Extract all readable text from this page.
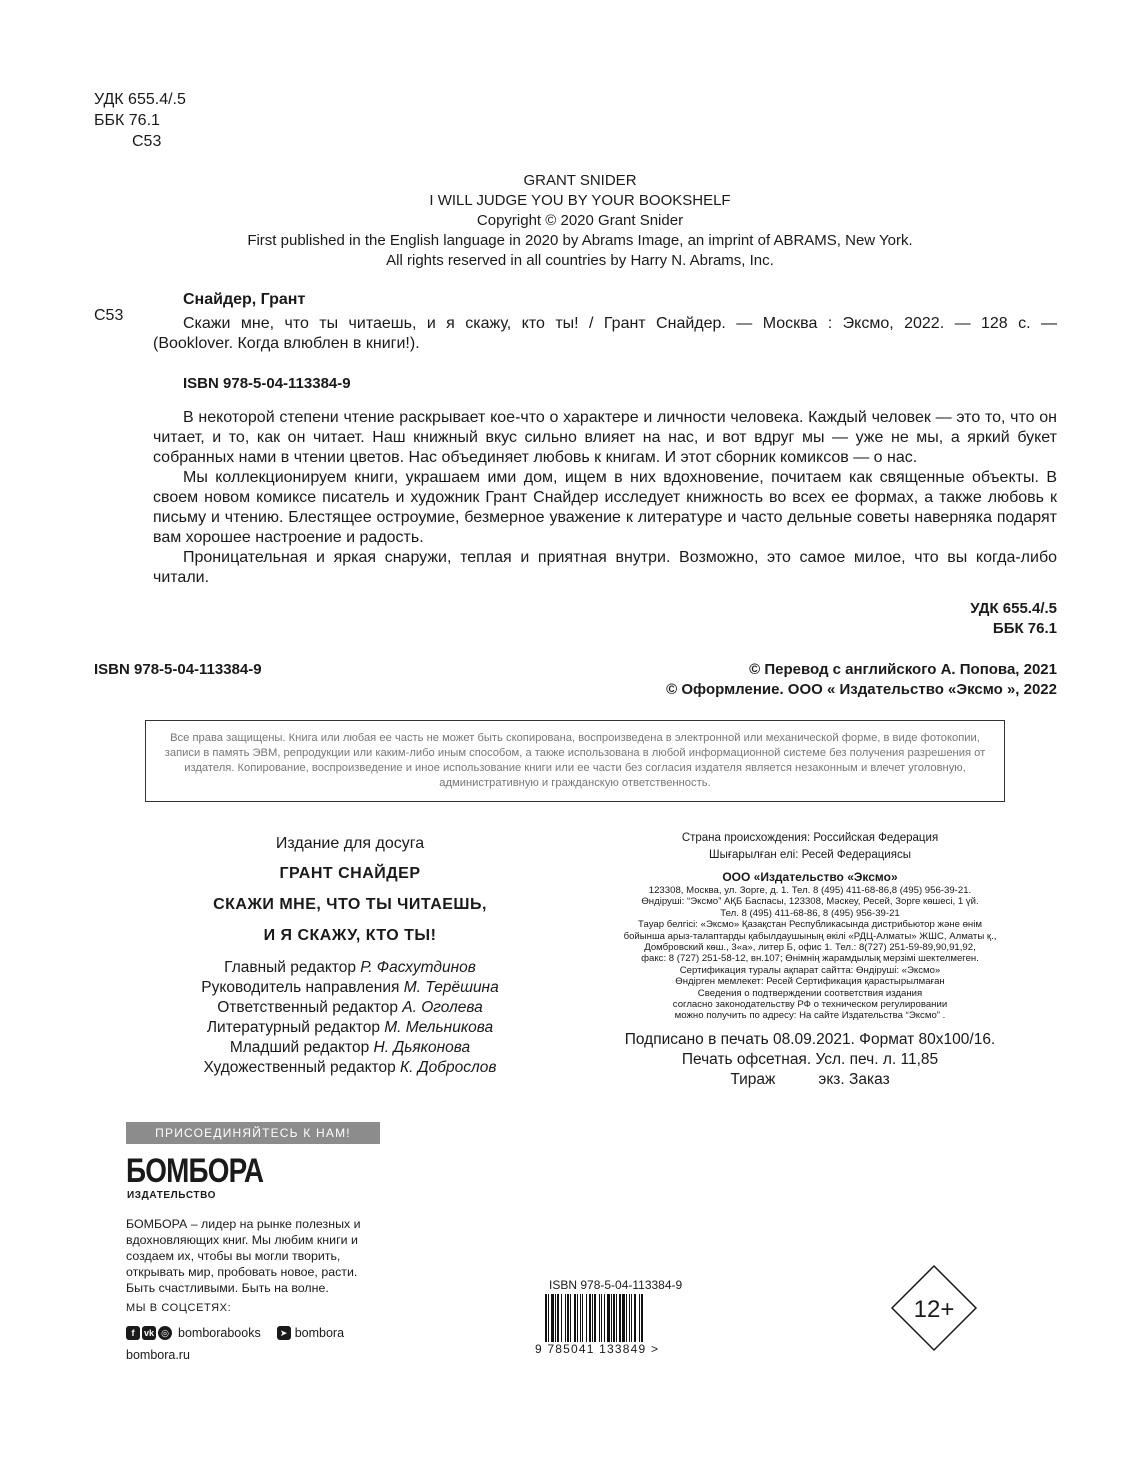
УДК 655.4/.5
ББК 76.1
С53
GRANT SNIDER
I WILL JUDGE YOU BY YOUR BOOKSHELF
Copyright © 2020 Grant Snider
First published in the English language in 2020 by Abrams Image, an imprint of ABRAMS, New York.
All rights reserved in all countries by Harry N. Abrams, Inc.
С53
Снайдер, Грант
Скажи мне, что ты читаешь, и я скажу, кто ты! / Грант Снайдер. — Москва : Эксмо, 2022. — 128 с. —
(Booklover. Когда влюблен в книги!).
ISBN 978-5-04-113384-9

В некоторой степени чтение раскрывает кое-что о характере и личности человека. Каждый человек — это то, что он читает, и то, как он читает. Наш книжный вкус сильно влияет на нас, и вот вдруг мы — уже не мы, а яркий букет собранных нами в чтении цветов. Нас объединяет любовь к книгам. И этот сборник комиксов — о нас.

Мы коллекционируем книги, украшаем ими дом, ищем в них вдохновение, почитаем как священные объекты. В своем новом комиксе писатель и художник Грант Снайдер исследует книжность во всех ее формах, а также любовь к письму и чтению. Блестящее остроумие, безмерное уважение к литературе и часто дельные советы наверняка подарят вам хорошее настроение и радость.

Проницательная и яркая снаружи, теплая и приятная внутри. Возможно, это самое милое, что вы когда-либо читали.

УДК 655.4/.5
ББК 76.1
ISBN 978-5-04-113384-9	© Перевод с английского А. Попова, 2021
© Оформление. ООО « Издательство «Эксмо », 2022
Все права защищены. Книга или любая ее часть не может быть скопирована, воспроизведена в электронной или механической форме, в виде фотокопии, записи в память ЭВМ, репродукции или каким-либо иным способом, а также использована в любой информационной системе без получения разрешения от издателя. Копирование, воспроизведение и иное использование книги или ее части без согласия издателя является незаконным и влечет уголовную, административную и гражданскую ответственность.
Издание для досуга
ГРАНТ СНАЙДЕР
СКАЖИ МНЕ, ЧТО ТЫ ЧИТАЕШЬ,
И Я СКАЖУ, КТО ТЫ!
Главный редактор Р. Фасхутдинов
Руководитель направления М. Терёшина
Ответственный редактор А. Оголева
Литературный редактор М. Мельникова
Младший редактор Н. Дьяконова
Художественный редактор К. Доброслов
Страна происхождения: Российская Федерация
Шығарылған елі: Ресей Федерациясы
ООО «Издательство «Эксмо»
123308, Москва, ул. Зорге, д. 1. Тел. 8 (495) 411-68-86,8 (495) 956-39-21.
Өндіруші: “Эксмо” АҚБ Баспасы, 123308, Мәскеу, Ресей, Зорге көшесі, 1 үй.
Тел. 8 (495) 411-68-86, 8 (495) 956-39-21
Тауар белгісі: «Эксмо» Қазақстан Республикасында дистрибьютор және өнім
бойынша арыз-талаптарды қабылдаушының өкілі «РДЦ-Алматы» ЖШС, Алматы қ.,
Домбровский көш., 3«а», литер Б, офис 1. Тел.: 8(727) 251-59-89,90,91,92,
факс: 8 (727) 251-58-12, вн.107; Өнімнің жарамдылық мерзімі шектелмеген.
Сертификация туралы ақпарат сайтта: Өндіруші: «Эксмо»
Өндірген мемлекет: Ресей Сертификация қарастырылмаған
Сведения о подтверждении соответствия издания
согласно законодательству РФ о техническом регулировании
можно получить по адресу: На сайте Издательства “Эксмо” .
Подписано в печать 08.09.2021. Формат 80x100/16.
Печать офсетная. Усл. печ. л. 11,85
Тираж          экз. Заказ
ПРИСОЕДИНЯЙТЕСЬ К НАМ!
БОМБОРА
ИЗДАТЕЛЬСТВО
БОМБОРА – лидер на рынке полезных и вдохновляющих книг. Мы любим книги и создаем их, чтобы вы могли творить, открывать мир, пробовать новое, расти. Быть счастливыми. Быть на волне.
МЫ В СОЦСЕТЯХ:
f	vk ◎ bomborabooks	➤ bombora
bombora.ru
ISBN 978-5-04-113384-9
9 785041 133849 >
12+
